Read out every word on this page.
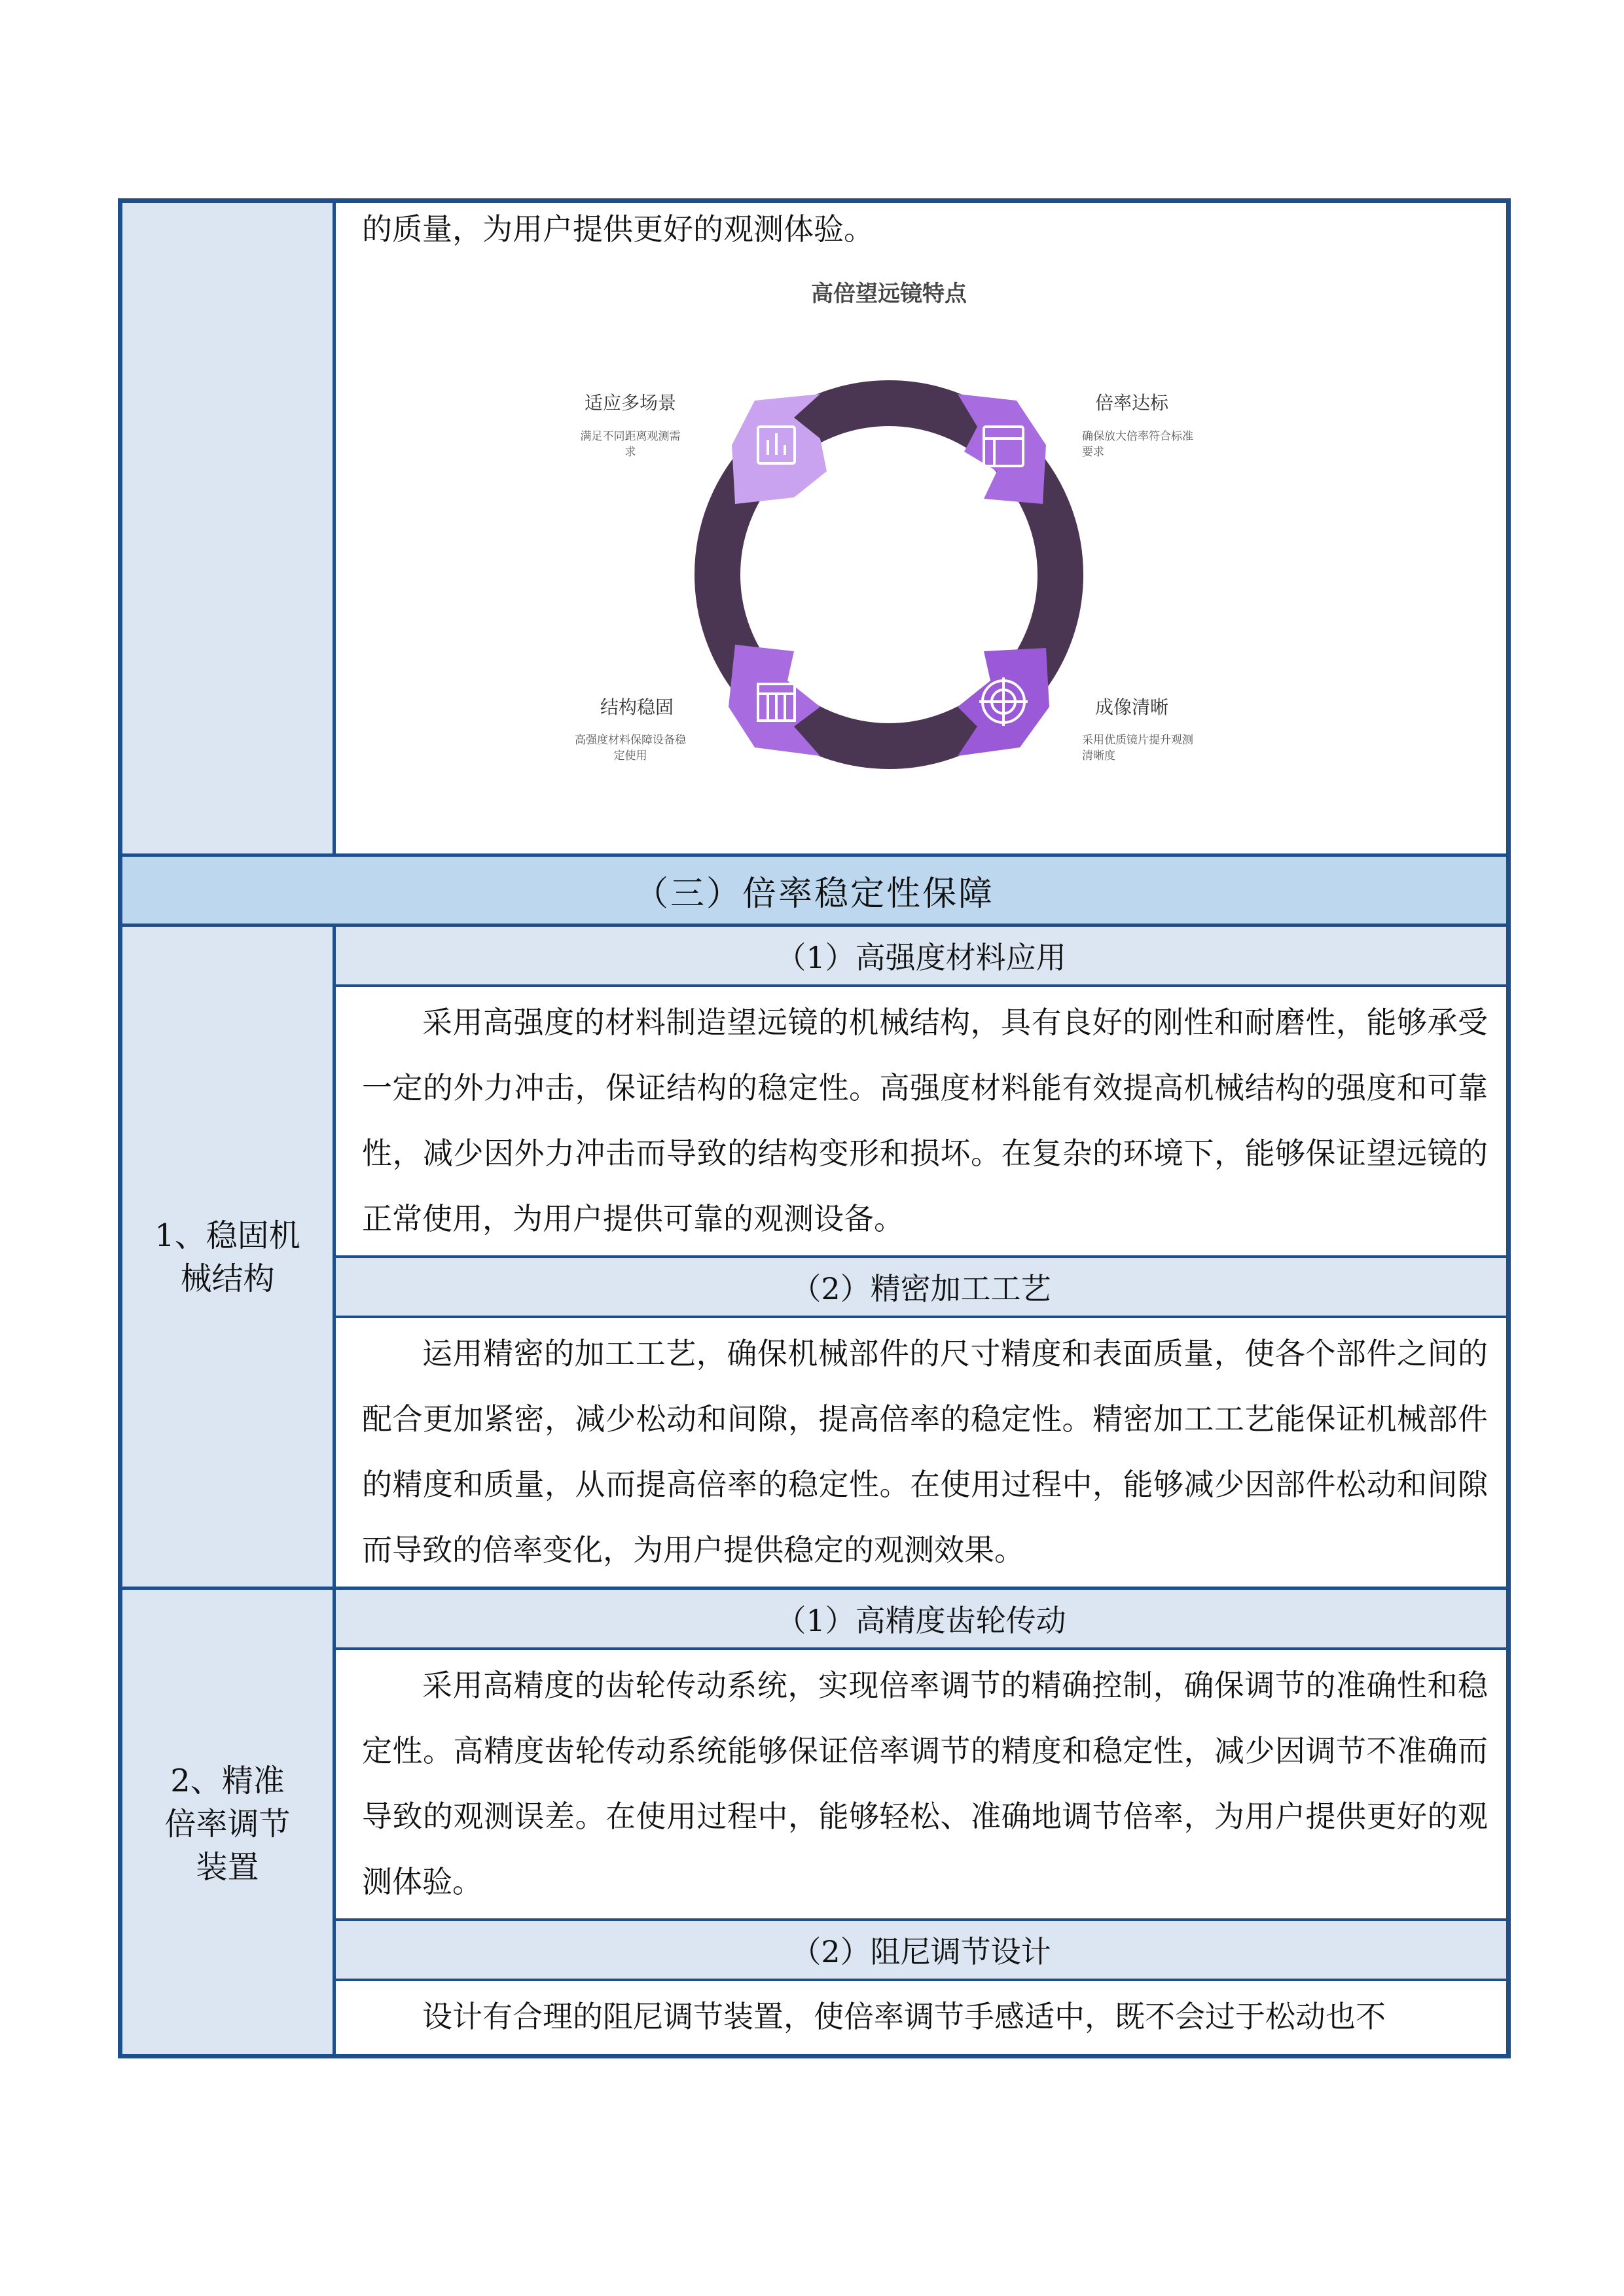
的质量，为用户提供更好的观测体验。
高倍望远镜特点
适应多场景
满足不同距离观测需
求
倍率达标
确保放大倍率符合标准
要求
结构稳固
高强度材料保障设备稳
定使用
成像清晰
采用优质镜片提升观测
清晰度
（三）倍率稳定性保障
1、稳固机械结构
（1）高强度材料应用
采用高强度的材料制造望远镜的机械结构，具有良好的刚性和耐磨性，能够承受一定的外力冲击，保证结构的稳定性。高强度材料能有效提高机械结构的强度和可靠性，减少因外力冲击而导致的结构变形和损坏。在复杂的环境下，能够保证望远镜的正常使用，为用户提供可靠的观测设备。
（2）精密加工工艺
运用精密的加工工艺，确保机械部件的尺寸精度和表面质量，使各个部件之间的配合更加紧密，减少松动和间隙，提高倍率的稳定性。精密加工工艺能保证机械部件的精度和质量，从而提高倍率的稳定性。在使用过程中，能够减少因部件松动和间隙而导致的倍率变化，为用户提供稳定的观测效果。
2、精准倍率调节装置
（1）高精度齿轮传动
采用高精度的齿轮传动系统，实现倍率调节的精确控制，确保调节的准确性和稳定性。高精度齿轮传动系统能够保证倍率调节的精度和稳定性，减少因调节不准确而导致的观测误差。在使用过程中，能够轻松、准确地调节倍率，为用户提供更好的观测体验。
（2）阻尼调节设计
设计有合理的阻尼调节装置，使倍率调节手感适中，既不会过于松动也不
